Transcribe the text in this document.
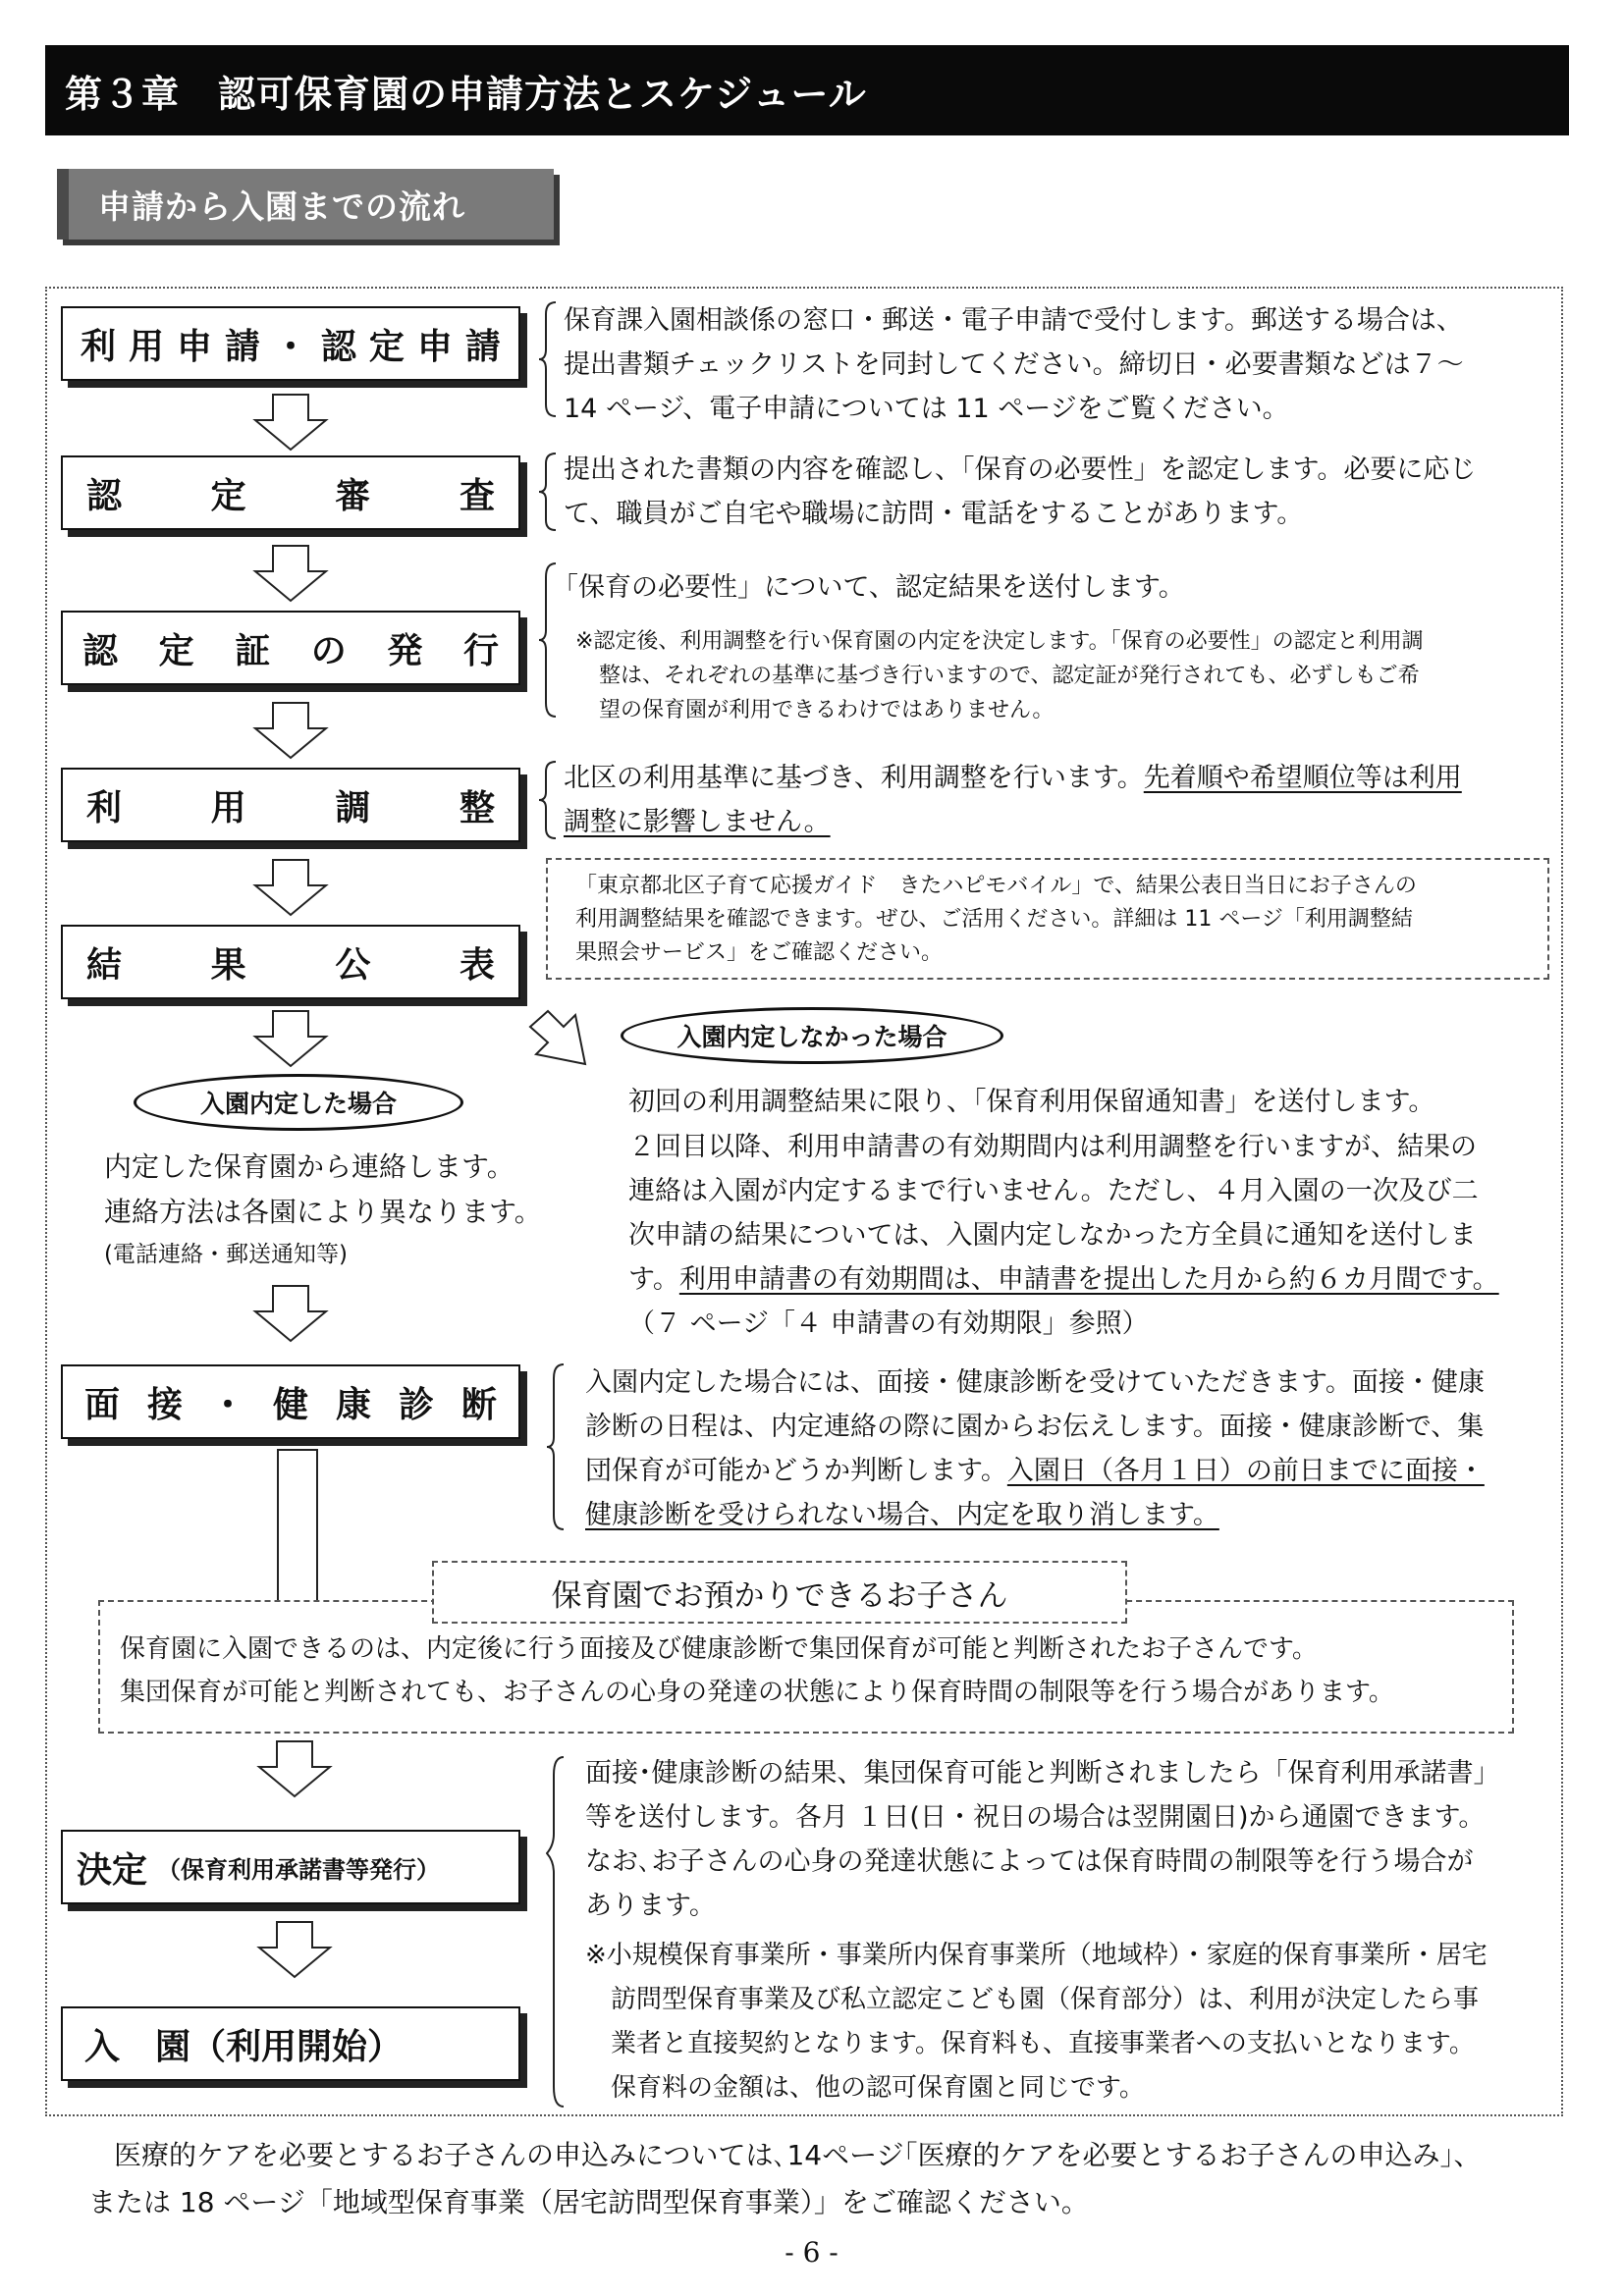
第３章　認可保育園の申請方法とスケジュール
申請から入園までの流れ
利 用 申 請 ・ 認 定 申 請
保育課入園相談係の窓口・郵送・電子申請で受付します。郵送する場合は、
提出書類チェックリストを同封してください。締切日・必要書類などは７〜
14 ページ、電子申請については 11 ページをご覧ください。
認	定	審	査
提出された書類の内容を確認し、「保育の必要性」を認定します。必要に応じ
て、職員がご自宅や職場に訪問・電話をすることがあります。
認 定 証 の 発 行
「保育の必要性」について、認定結果を送付します。
※認定後、利用調整を行い保育園の内定を決定します。「保育の必要性」の認定と利用調
整は、それぞれの基準に基づき行いますので、認定証が発行されても、必ずしもご希
望の保育園が利用できるわけではありません。
利	用	調	整
北区の利用基準に基づき、利用調整を行います。先着順や希望順位等は利用
調整に影響しません。
結	果	公	表
「東京都北区子育て応援ガイド　きたハピモバイル」で、結果公表日当日にお子さんの
利用調整結果を確認できます。ぜひ、ご活用ください。詳細は 11 ページ「利用調整結
果照会サービス」をご確認ください。
入園内定しなかった場合
初回の利用調整結果に限り、「保育利用保留通知書」を送付します。
２回目以降、利用申請書の有効期間内は利用調整を行いますが、結果の
連絡は入園が内定するまで行いません。ただし、４月入園の一次及び二
次申請の結果については、入園内定しなかった方全員に通知を送付しま
す。利用申請書の有効期間は、申請書を提出した月から約６カ月間です。
（７ ページ「４ 申請書の有効期限」参照）
入園内定した場合
内定した保育園から連絡します。
連絡方法は各園により異なります。
(電話連絡・郵送通知等)
面 接 ・ 健 康 診 断
入園内定した場合には、面接・健康診断を受けていただきます。面接・健康
診断の日程は、内定連絡の際に園からお伝えします。面接・健康診断で、集
団保育が可能かどうか判断します。入園日（各月１日）の前日までに面接・
健康診断を受けられない場合、内定を取り消します。
保育園に入園できるのは、内定後に行う面接及び健康診断で集団保育が可能と判断されたお子さんです。
集団保育が可能と判断されても、お子さんの心身の発達の状態により保育時間の制限等を行う場合があります。
保育園でお預かりできるお子さん
決定 （保育利用承諾書等発行）
面接･健康診断の結果、集団保育可能と判断されましたら「保育利用承諾書」
等を送付します。各月 １日(日・祝日の場合は翌開園日)から通園できます。
なお､お子さんの心身の発達状態によっては保育時間の制限等を行う場合が
あります。
※小規模保育事業所・事業所内保育事業所（地域枠）・家庭的保育事業所・居宅
訪問型保育事業及び私立認定こども園（保育部分）は、利用が決定したら事
業者と直接契約となります。保育料も、直接事業者への支払いとなります。
保育料の金額は、他の認可保育園と同じです。
入　園（利用開始）
医療的ケアを必要とするお子さんの申込みについては､14ページ｢医療的ケアを必要とするお子さんの申込み｣、
または 18 ページ「地域型保育事業（居宅訪問型保育事業）」をご確認ください。
- 6 -
